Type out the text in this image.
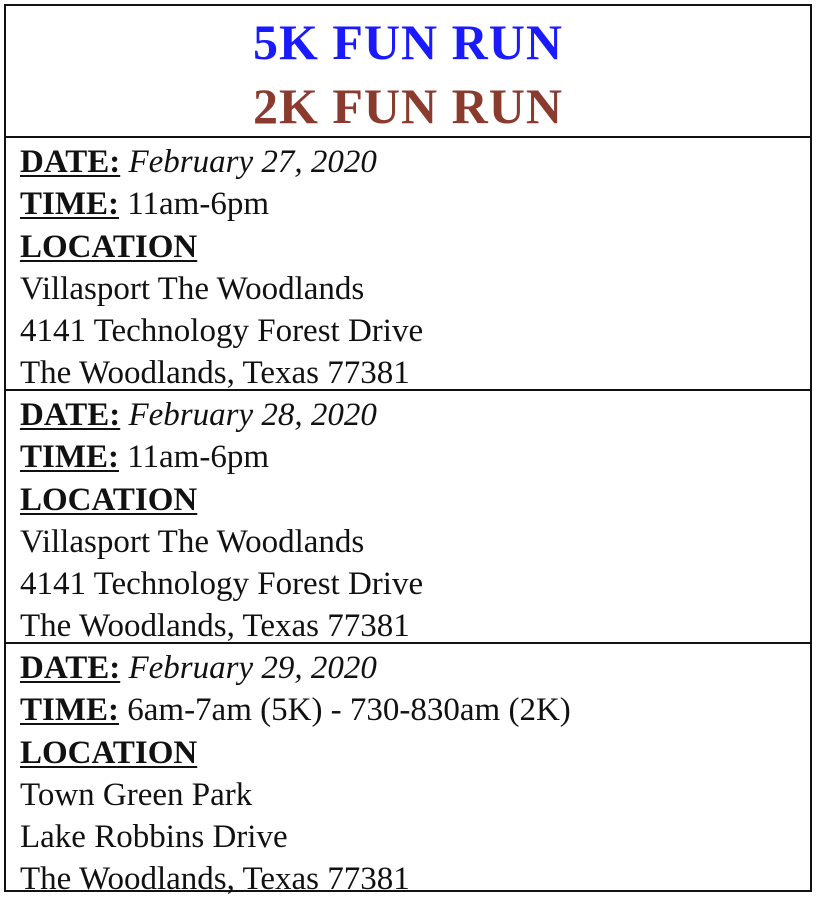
5K FUN RUN
2K FUN RUN
DATE: February 27, 2020
TIME: 11am-6pm
LOCATION
Villasport The Woodlands
4141 Technology Forest Drive
The Woodlands, Texas 77381
DATE: February 28, 2020
TIME: 11am-6pm
LOCATION
Villasport The Woodlands
4141 Technology Forest Drive
The Woodlands, Texas 77381
DATE: February 29, 2020
TIME: 6am-7am (5K) - 730-830am (2K)
LOCATION
Town Green Park
Lake Robbins Drive
The Woodlands, Texas 77381
